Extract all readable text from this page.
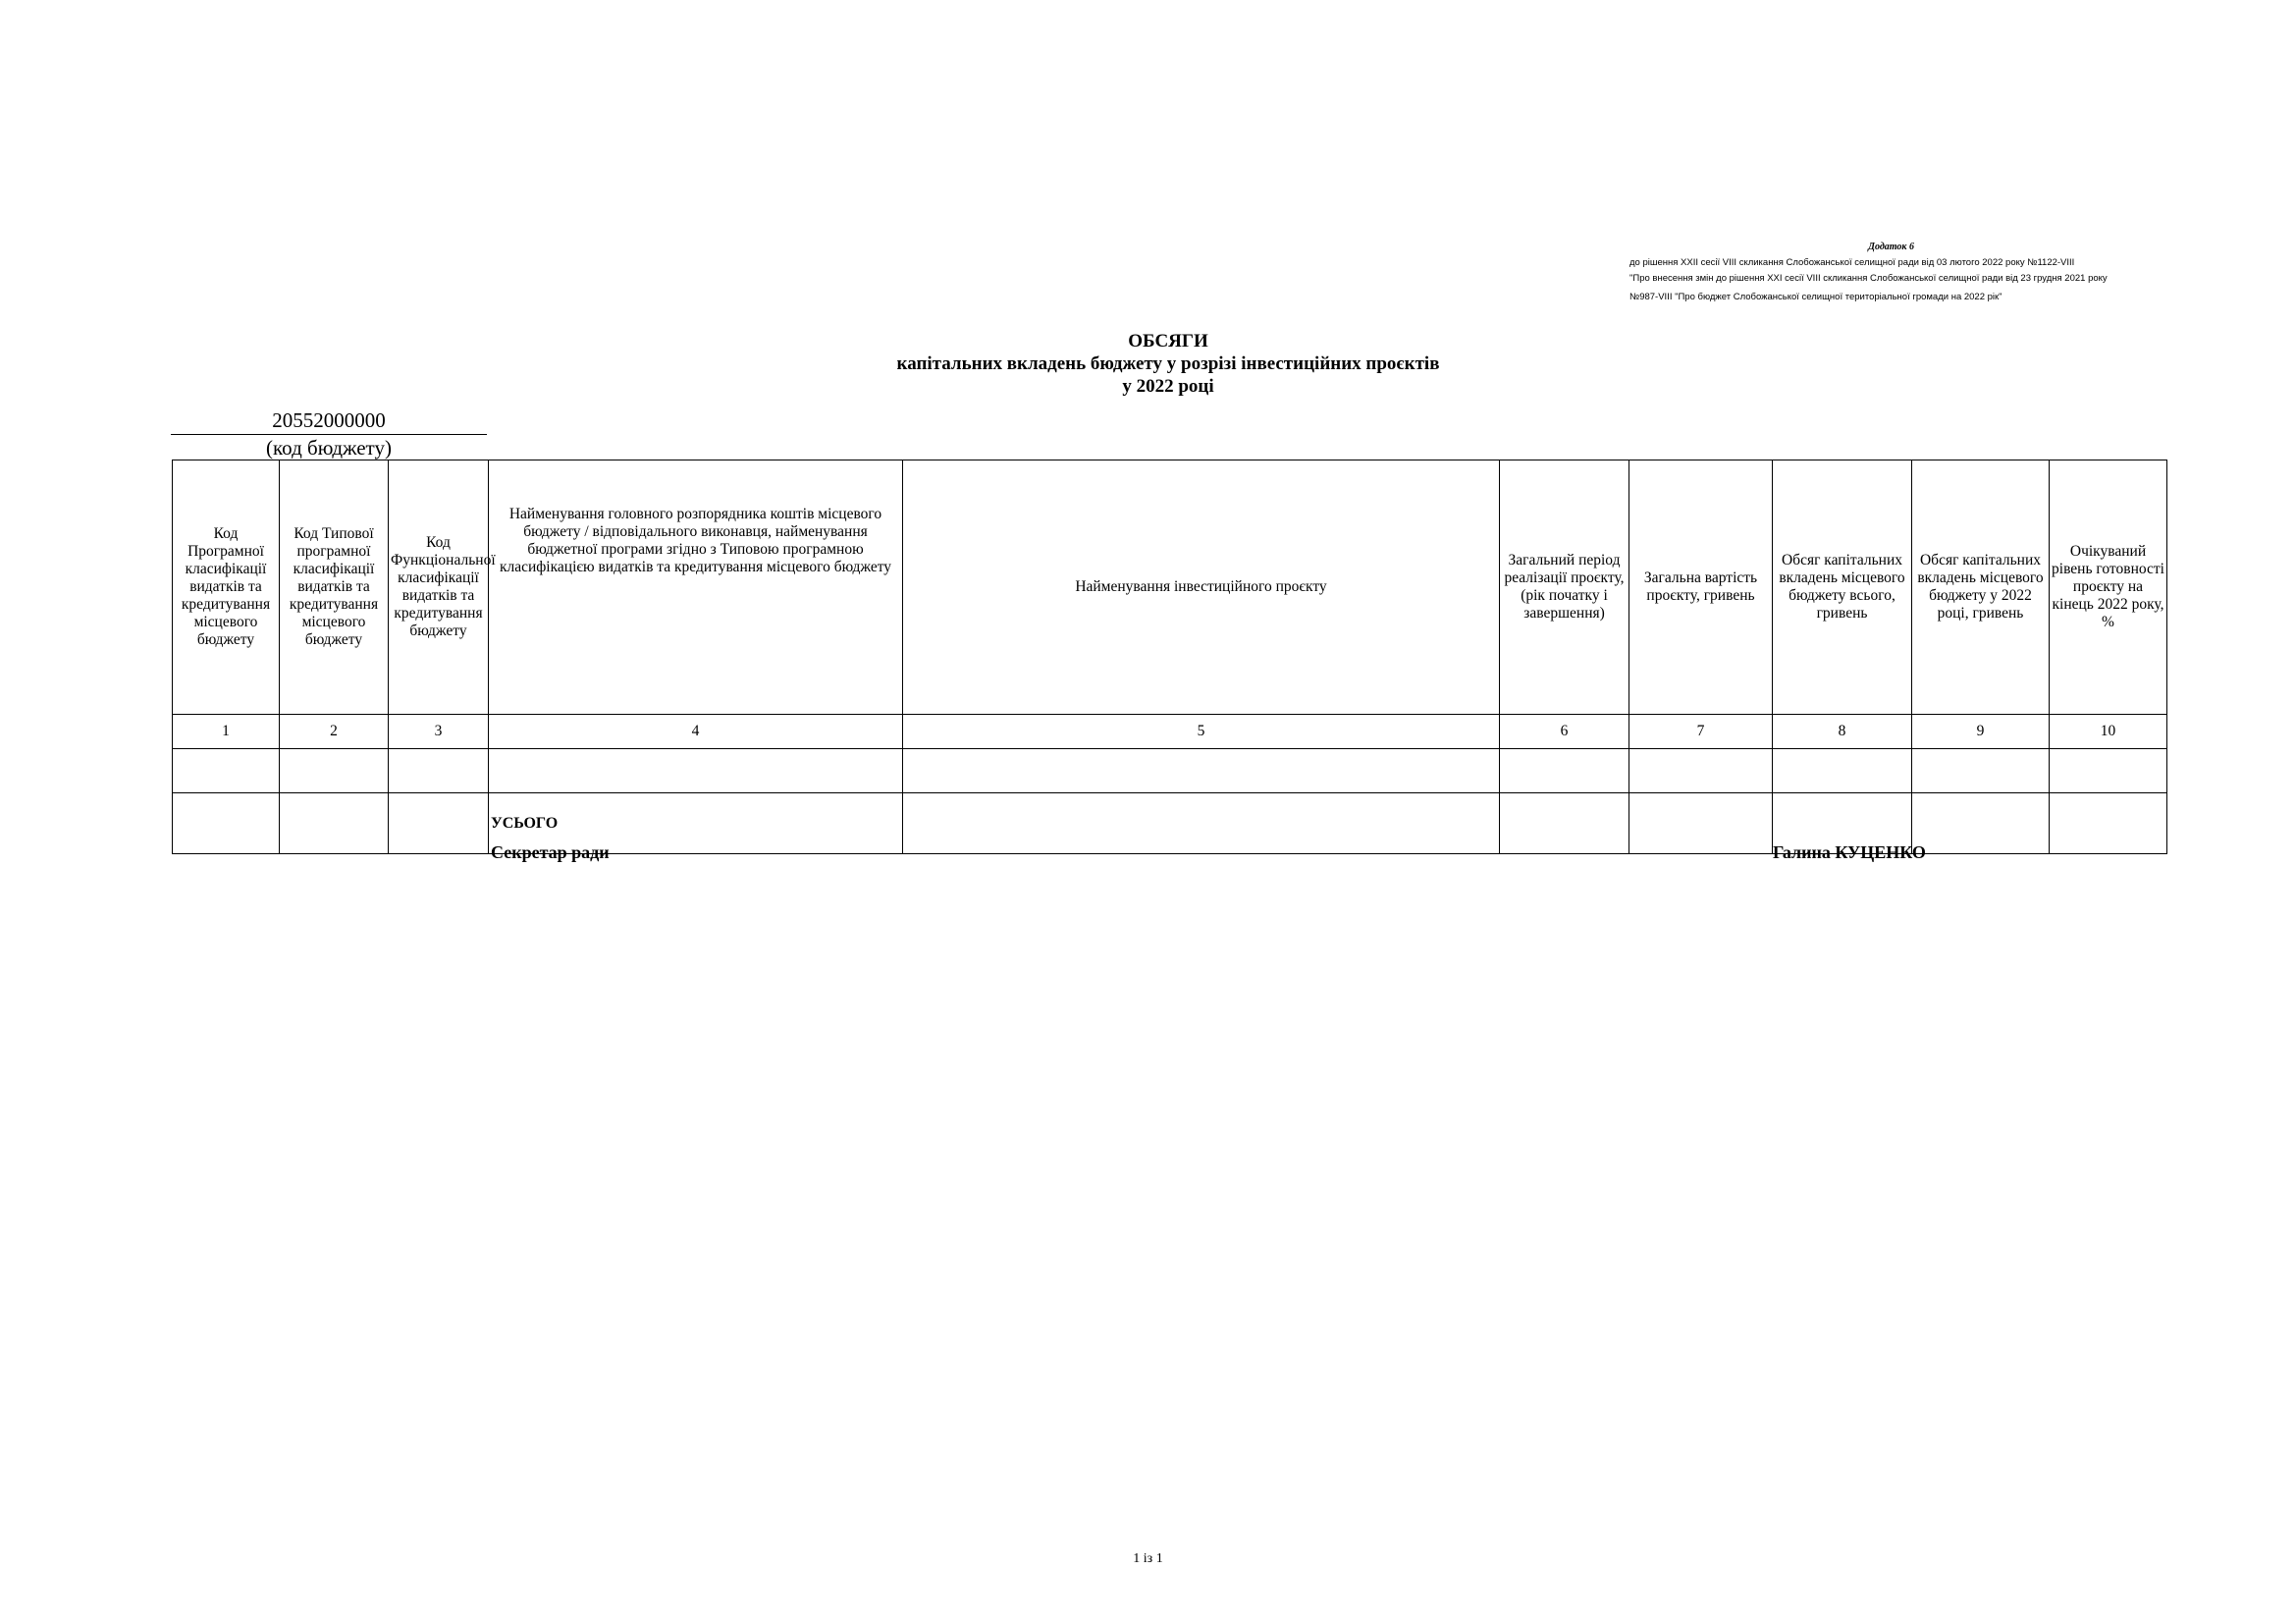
Додаток 6
до рішення XXII сесії VIII скликання Слобожанської селищної ради від 03 лютого 2022 року №1122-VIII
"Про внесення змін до рішення XXI сесії VIII скликання Слобожанської селищної ради від 23 грудня 2021 року
№987-VIII "Про бюджет Слобожанської селищної територіальної громади на 2022 рік"
ОБСЯГИ
капітальних вкладень бюджету у розрізі інвестиційних проєктів
у 2022 році
20552000000
(код бюджету)
Код Програмної класифікації видатків та кредитування місцевого бюджету	Код Типової програмної класифікації видатків та кредитування місцевого бюджету	Код Функціональної класифікації видатків та кредитування бюджету	Найменування головного розпорядника коштів місцевого бюджету / відповідального виконавця, найменування бюджетної програми згідно з Типовою програмною класифікацією видатків та кредитування місцевого бюджету	Найменування інвестиційного проєкту	Загальний період реалізації проєкту, (рік початку і завершення)	Загальна вартість проєкту, гривень	Обсяг капітальних вкладень місцевого бюджету всього, гривень	Обсяг капітальних вкладень місцевого бюджету у 2022 році, гривень	Очікуваний рівень готовності проєкту на кінець 2022 року, %
1	2	3	4	5	6	7	8	9	10

			УСЬОГО						
Секретар ради	Галина КУЦЕНКО
1 із 1
